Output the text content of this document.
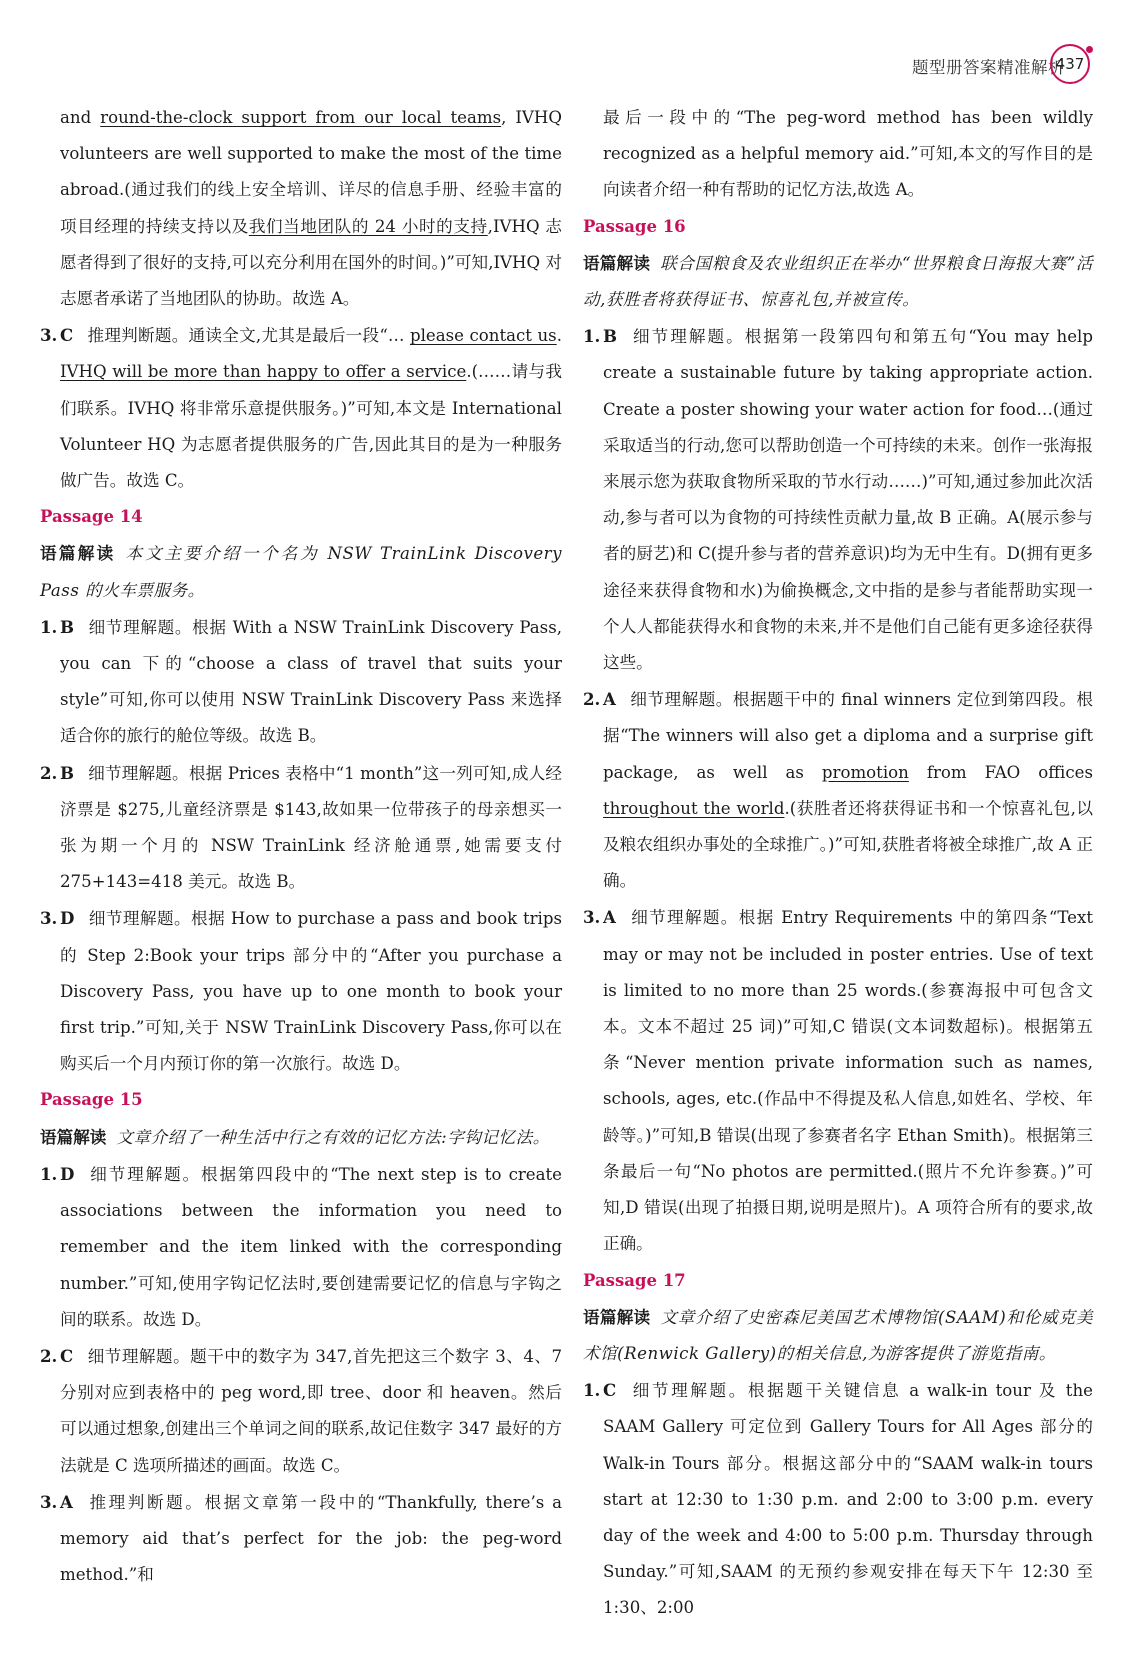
题型册答案精准解析
437

and round-the-clock support from our local teams, IVHQ volunteers are well supported to make the most of the time abroad.(通过我们的线上安全培训、详尽的信息手册、经验丰富的项目经理的持续支持以及我们当地团队的 24 小时的支持,IVHQ 志愿者得到了很好的支持,可以充分利用在国外的时间。)”可知,IVHQ 对志愿者承诺了当地团队的协助。故选 A。

3. C 推理判断题。通读全文,尤其是最后一段“… please contact us. IVHQ will be more than happy to offer a service.(……请与我们联系。IVHQ 将非常乐意提供服务。)”可知,本文是 International Volunteer HQ 为志愿者提供服务的广告,因此其目的是为一种服务做广告。故选 C。

Passage 14

语篇解读 本文主要介绍一个名为 NSW TrainLink Discovery Pass 的火车票服务。

1. B 细节理解题。根据 With a NSW TrainLink Discovery Pass, you can 下的“choose a class of travel that suits your style”可知,你可以使用 NSW TrainLink Discovery Pass 来选择适合你的旅行的舱位等级。故选 B。

2. B 细节理解题。根据 Prices 表格中“1 month”这一列可知,成人经济票是 $275,儿童经济票是 $143,故如果一位带孩子的母亲想买一张为期一个月的 NSW TrainLink 经济舱通票,她需要支付 275+143=418 美元。故选 B。

3. D 细节理解题。根据 How to purchase a pass and book trips 的 Step 2:Book your trips 部分中的“After you purchase a Discovery Pass, you have up to one month to book your first trip.”可知,关于 NSW TrainLink Discovery Pass,你可以在购买后一个月内预订你的第一次旅行。故选 D。

Passage 15

语篇解读 文章介绍了一种生活中行之有效的记忆方法:字钩记忆法。

1. D 细节理解题。根据第四段中的“The next step is to create associations between the information you need to remember and the item linked with the corresponding number.”可知,使用字钩记忆法时,要创建需要记忆的信息与字钩之间的联系。故选 D。

2. C 细节理解题。题干中的数字为 347,首先把这三个数字 3、4、7 分别对应到表格中的 peg word,即 tree、door 和 heaven。然后可以通过想象,创建出三个单词之间的联系,故记住数字 347 最好的方法就是 C 选项所描述的画面。故选 C。

3. A 推理判断题。根据文章第一段中的“Thankfully, there’s a memory aid that’s perfect for the job: the peg-word method.”和

最后一段中的“The peg-word method has been wildly recognized as a helpful memory aid.”可知,本文的写作目的是向读者介绍一种有帮助的记忆方法,故选 A。

Passage 16

语篇解读 联合国粮食及农业组织正在举办“世界粮食日海报大赛”活动,获胜者将获得证书、惊喜礼包,并被宣传。

1. B 细节理解题。根据第一段第四句和第五句“You may help create a sustainable future by taking appropriate action. Create a poster showing your water action for food…(通过采取适当的行动,您可以帮助创造一个可持续的未来。创作一张海报来展示您为获取食物所采取的节水行动……)”可知,通过参加此次活动,参与者可以为食物的可持续性贡献力量,故 B 正确。A(展示参与者的厨艺)和 C(提升参与者的营养意识)均为无中生有。D(拥有更多途径来获得食物和水)为偷换概念,文中指的是参与者能帮助实现一个人人都能获得水和食物的未来,并不是他们自己能有更多途径获得这些。

2. A 细节理解题。根据题干中的 final winners 定位到第四段。根据“The winners will also get a diploma and a surprise gift package, as well as promotion from FAO offices throughout the world.(获胜者还将获得证书和一个惊喜礼包,以及粮农组织办事处的全球推广。)”可知,获胜者将被全球推广,故 A 正确。

3. A 细节理解题。根据 Entry Requirements 中的第四条“Text may or may not be included in poster entries. Use of text is limited to no more than 25 words.(参赛海报中可包含文本。文本不超过 25 词)”可知,C 错误(文本词数超标)。根据第五条“Never mention private information such as names, schools, ages, etc.(作品中不得提及私人信息,如姓名、学校、年龄等。)”可知,B 错误(出现了参赛者名字 Ethan Smith)。根据第三条最后一句“No photos are permitted.(照片不允许参赛。)”可知,D 错误(出现了拍摄日期,说明是照片)。A 项符合所有的要求,故正确。

Passage 17

语篇解读 文章介绍了史密森尼美国艺术博物馆(SAAM)和伦威克美术馆(Renwick Gallery)的相关信息,为游客提供了游览指南。

1. C 细节理解题。根据题干关键信息 a walk-in tour 及 the SAAM Gallery 可定位到 Gallery Tours for All Ages 部分的 Walk-in Tours 部分。根据这部分中的“SAAM walk-in tours start at 12:30 to 1:30 p.m. and 2:00 to 3:00 p.m. every day of the week and 4:00 to 5:00 p.m. Thursday through Sunday.”可知,SAAM 的无预约参观安排在每天下午 12:30 至 1:30、2:00
